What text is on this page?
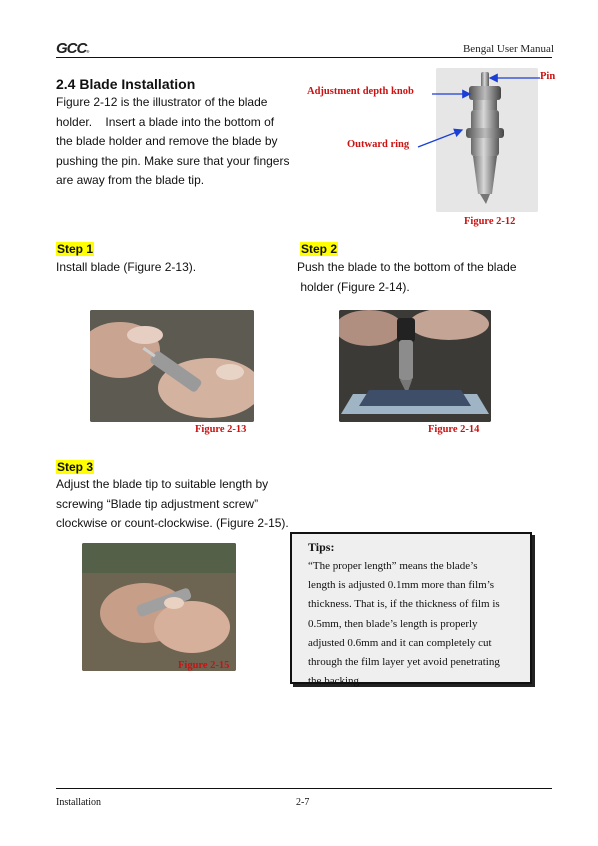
GCC®	Bengal User Manual
2.4 Blade Installation
Figure 2-12 is the illustrator of the blade
holder.    Insert a blade into the bottom of
the blade holder and remove the blade by
pushing the pin. Make sure that your fingers
are away from the blade tip.
Adjustment depth knob
Outward ring
Pin
Figure 2-12
Step 1
Install blade (Figure 2-13).
Step 2
Push the blade to the bottom of the blade
holder (Figure 2-14).
Figure 2-13	Figure 2-14
Step 3
Adjust the blade tip to suitable length by
screwing “Blade tip adjustment screw”
clockwise or count-clockwise. (Figure 2-15).
Figure 2-15
Tips:
“The proper length” means the blade’s
length is adjusted 0.1mm more than film’s
thickness. That is, if the thickness of film is
0.5mm, then blade’s length is properly
adjusted 0.6mm and it can completely cut
through the film layer yet avoid penetrating
the backing.
Installation	2-7
